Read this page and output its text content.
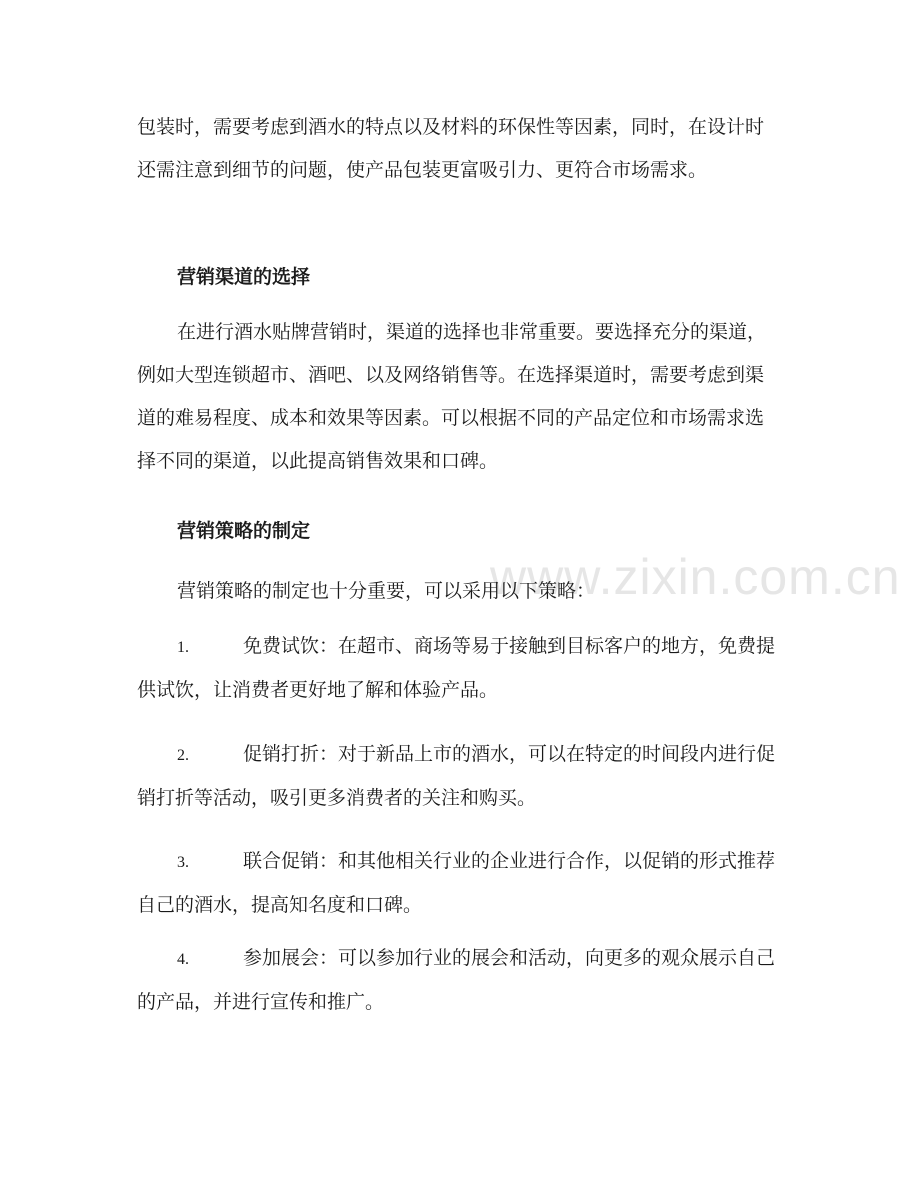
www.zixin.com.cn

包装时，需要考虑到酒水的特点以及材料的环保性等因素，同时，在设计时还需注意到细节的问题，使产品包装更富吸引力、更符合市场需求。

营销渠道的选择

在进行酒水贴牌营销时，渠道的选择也非常重要。要选择充分的渠道，例如大型连锁超市、酒吧、以及网络销售等。在选择渠道时，需要考虑到渠道的难易程度、成本和效果等因素。可以根据不同的产品定位和市场需求选择不同的渠道，以此提高销售效果和口碑。

营销策略的制定

营销策略的制定也十分重要，可以采用以下策略：

1.	免费试饮：在超市、商场等易于接触到目标客户的地方，免费提供试饮，让消费者更好地了解和体验产品。

2.	促销打折：对于新品上市的酒水，可以在特定的时间段内进行促销打折等活动，吸引更多消费者的关注和购买。

3.	联合促销：和其他相关行业的企业进行合作，以促销的形式推荐自己的酒水，提高知名度和口碑。

4.	参加展会：可以参加行业的展会和活动，向更多的观众展示自己的产品，并进行宣传和推广。
